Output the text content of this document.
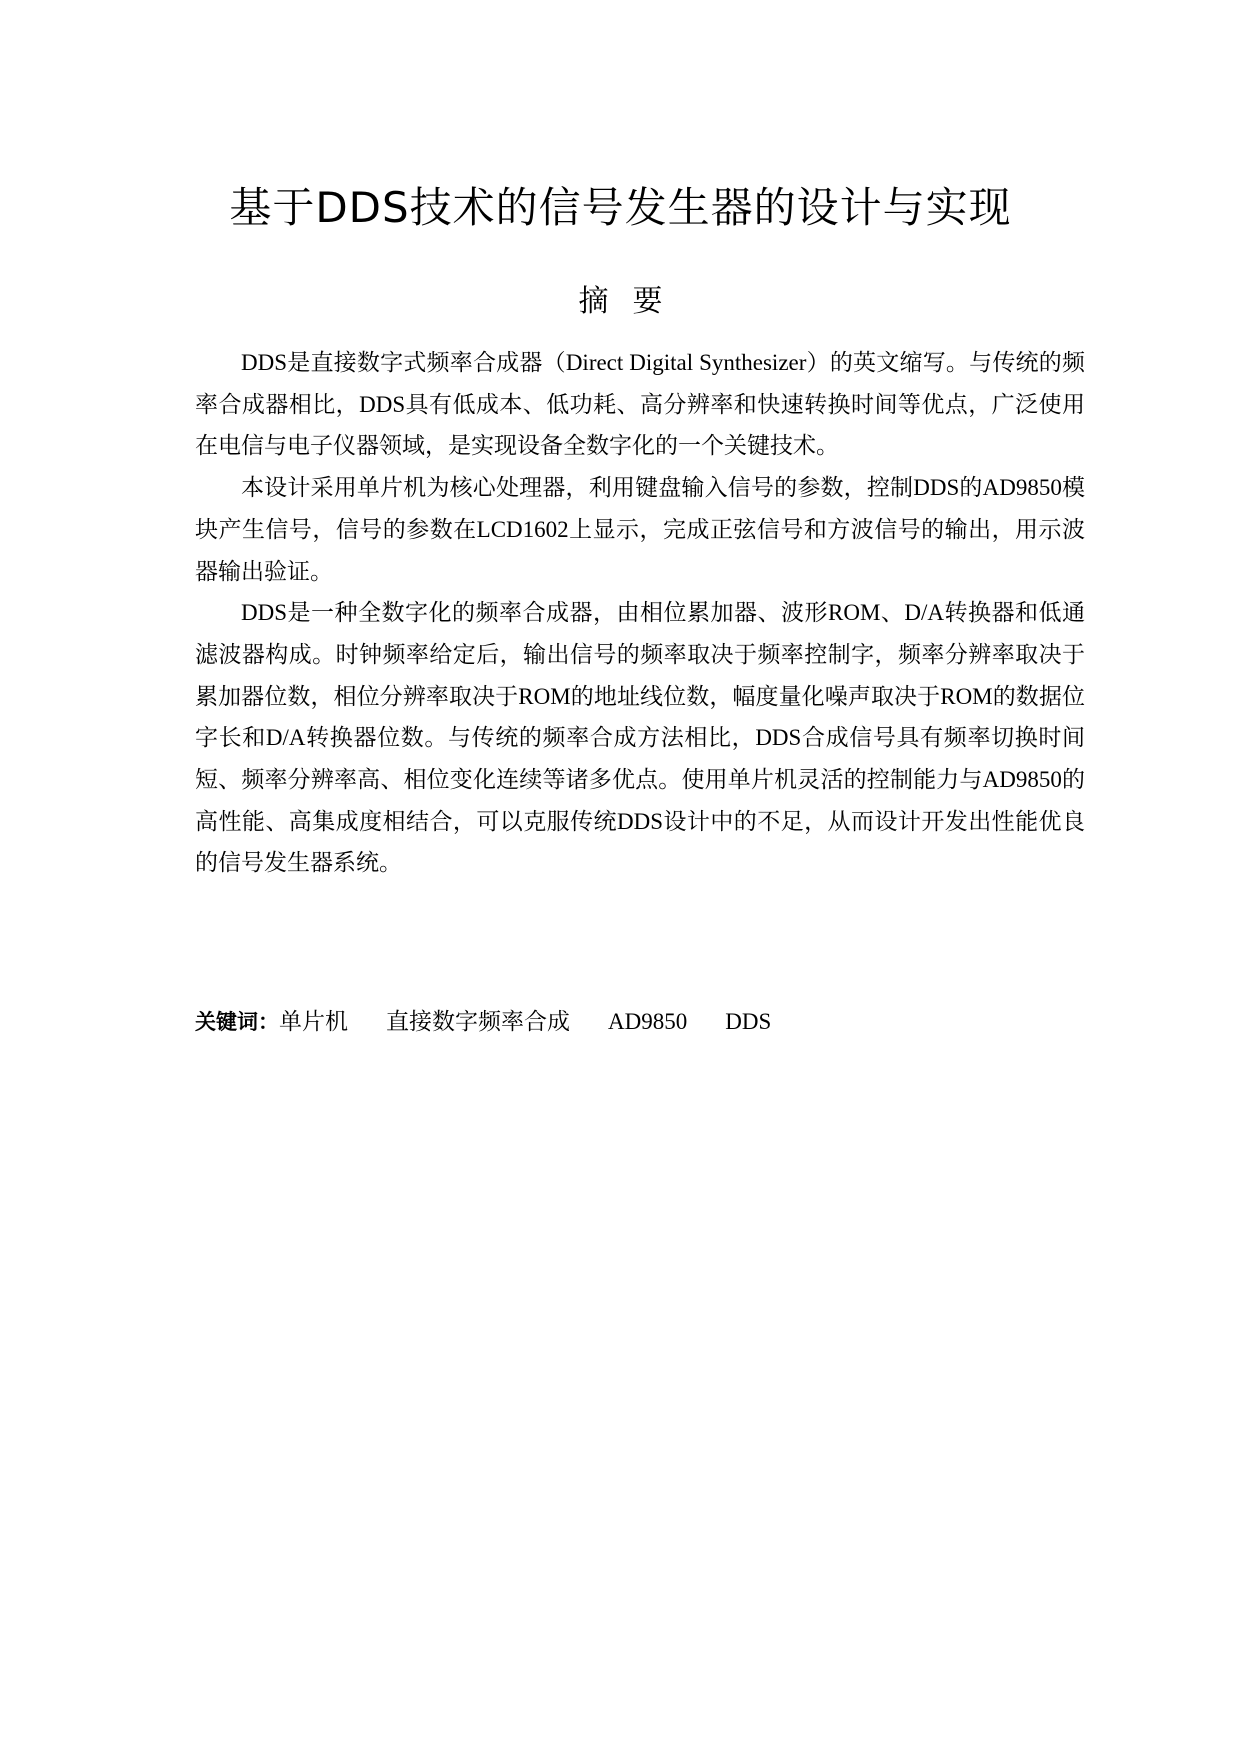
基于DDS技术的信号发生器的设计与实现
摘要

DDS是直接数字式频率合成器（Direct Digital Synthesizer）的英文缩写。与传统的频率合成器相比，DDS具有低成本、低功耗、高分辨率和快速转换时间等优点，广泛使用在电信与电子仪器领域，是实现设备全数字化的一个关键技术。

本设计采用单片机为核心处理器，利用键盘输入信号的参数，控制DDS的AD9850模块产生信号，信号的参数在LCD1602上显示，完成正弦信号和方波信号的输出，用示波器输出验证。

DDS是一种全数字化的频率合成器，由相位累加器、波形ROM、D/A转换器和低通滤波器构成。时钟频率给定后，输出信号的频率取决于频率控制字，频率分辨率取决于累加器位数，相位分辨率取决于ROM的地址线位数，幅度量化噪声取决于ROM的数据位字长和D/A转换器位数。与传统的频率合成方法相比，DDS合成信号具有频率切换时间短、频率分辨率高、相位变化连续等诸多优点。使用单片机灵活的控制能力与AD9850的高性能、高集成度相结合，可以克服传统DDS设计中的不足，从而设计开发出性能优良的信号发生器系统。

关键词：单片机 直接数字频率合成 AD9850 DDS
